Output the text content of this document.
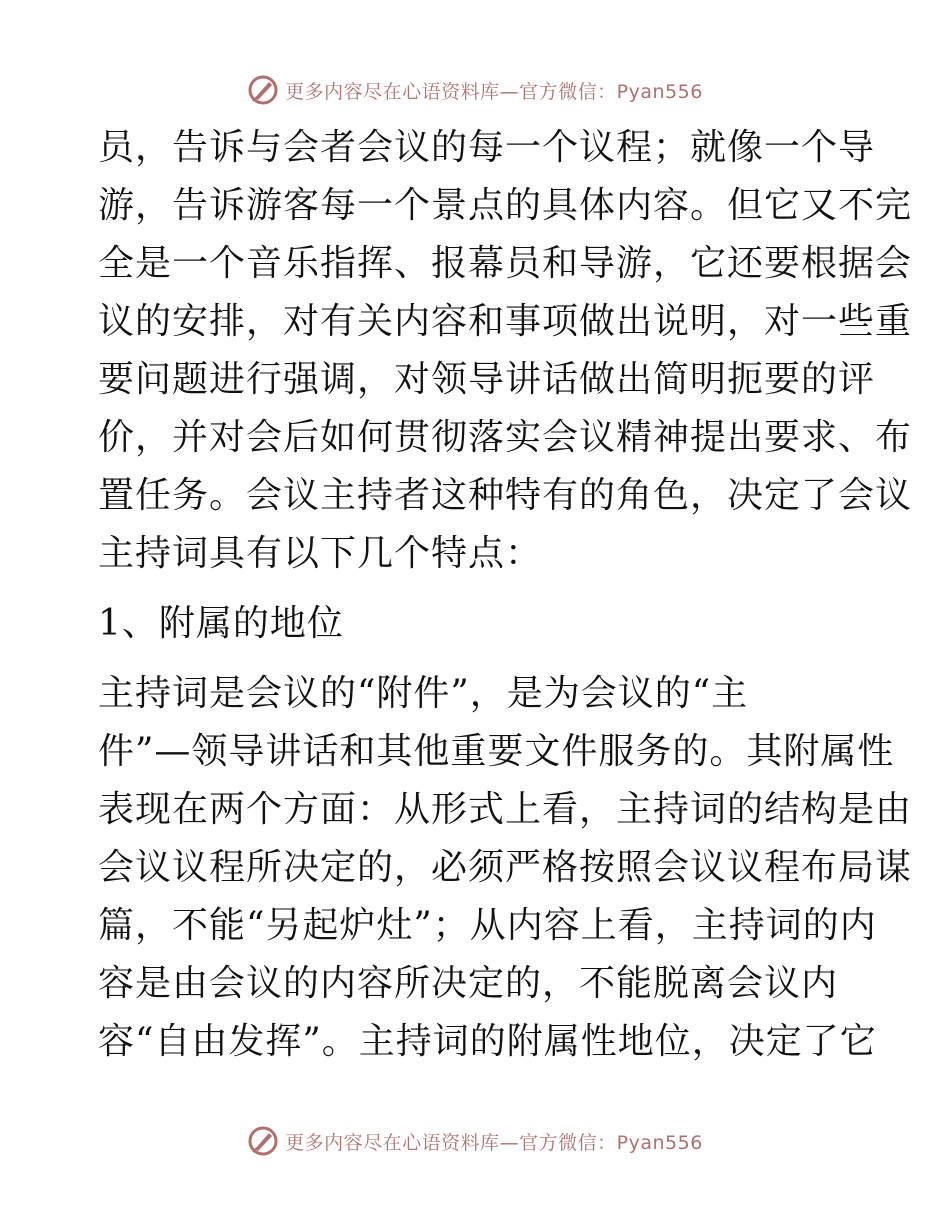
更多内容尽在心语资料库—官方微信：Pyan556
员，告诉与会者会议的每一个议程；就像一个导
游，告诉游客每一个景点的具体内容。但它又不完
全是一个音乐指挥、报幕员和导游，它还要根据会
议的安排，对有关内容和事项做出说明，对一些重
要问题进行强调，对领导讲话做出简明扼要的评
价，并对会后如何贯彻落实会议精神提出要求、布
置任务。会议主持者这种特有的角色，决定了会议
主持词具有以下几个特点：
1、附属的地位
主持词是会议的“附件”，是为会议的“主
件”—领导讲话和其他重要文件服务的。其附属性
表现在两个方面：从形式上看，主持词的结构是由
会议议程所决定的，必须严格按照会议议程布局谋
篇，不能“另起炉灶”；从内容上看，主持词的内
容是由会议的内容所决定的，不能脱离会议内
容“自由发挥”。主持词的附属性地位，决定了它
更多内容尽在心语资料库—官方微信：Pyan556
